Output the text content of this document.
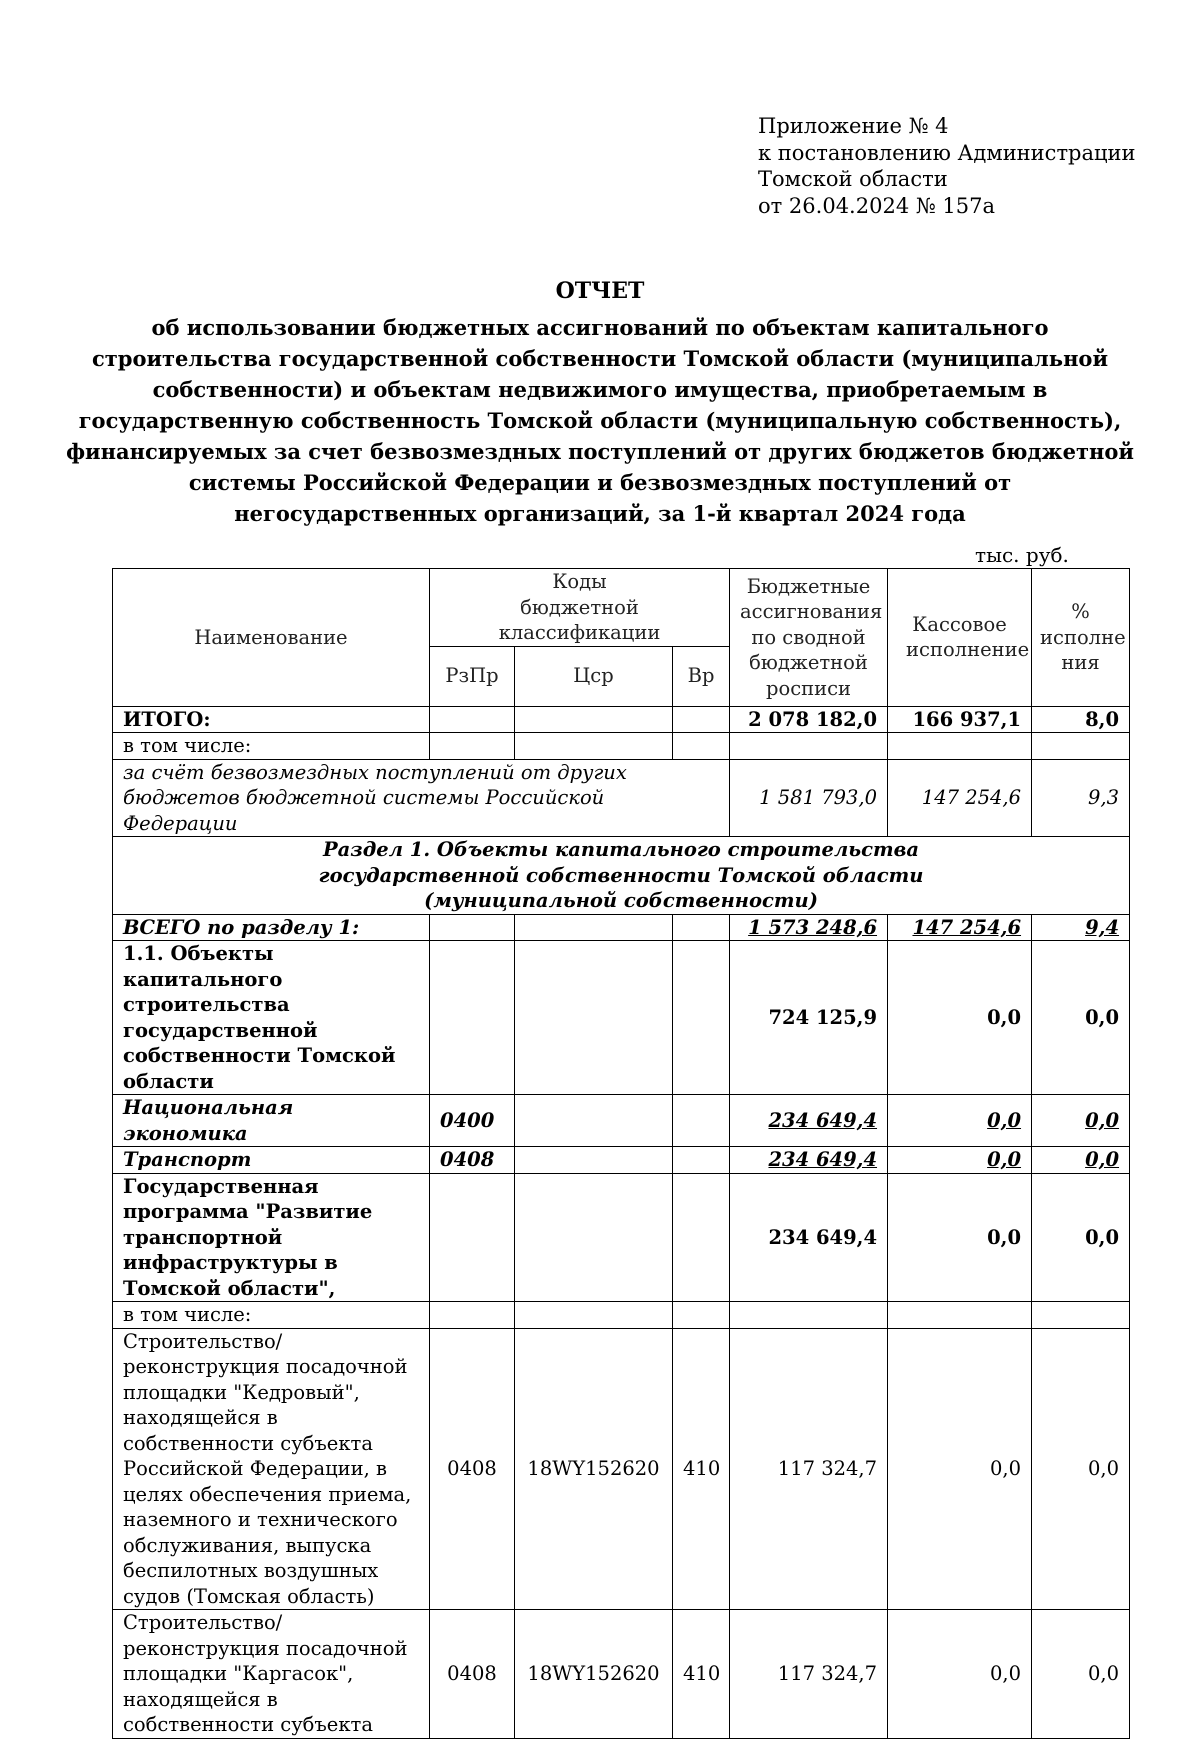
Приложение № 4
к постановлению Администрации
Томской области
от 26.04.2024 № 157а
ОТЧЕТ
об использовании бюджетных ассигнований по объектам капитального
строительства государственной собственности Томской области (муниципальной
собственности) и объектам недвижимого имущества, приобретаемым в
государственную собственность Томской области (муниципальную собственность),
финансируемых за счет безвозмездных поступлений от других бюджетов бюджетной
системы Российской Федерации и безвозмездных поступлений от
негосударственных организаций, за 1-й квартал 2024 года
тыс. руб.
Наименование	Коды бюджетной классификации			Бюджетные ассигнования по сводной бюджетной росписи	Кассовое исполнение	% исполне ния
	РзПр	Цср	Вр			
ИТОГО:				2 078 182,0	166 937,1	8,0
в том числе:						
за счёт безвозмездных поступлений от других бюджетов бюджетной системы Российской Федерации				1 581 793,0	147 254,6	9,3
Раздел 1. Объекты капитального строительства государственной собственности Томской области (муниципальной собственности)						
ВСЕГО по разделу 1:				1 573 248,6	147 254,6	9,4
1.1. Объекты капитального строительства государственной собственности Томской области				724 125,9	0,0	0,0
Национальная экономика	0400			234 649,4	0,0	0,0
Транспорт	0408			234 649,4	0,0	0,0
Государственная программа "Развитие транспортной инфраструктуры в Томской области",				234 649,4	0,0	0,0
в том числе:						
Строительство/реконструкция посадочной площадки "Кедровый", находящейся в собственности субъекта Российской Федерации, в целях обеспечения приема, наземного и технического обслуживания, выпуска беспилотных воздушных судов (Томская область)	0408	18WY152620	410	117 324,7	0,0	0,0
Строительство/реконструкция посадочной площадки "Каргасок", находящейся в собственности субъекта	0408	18WY152620	410	117 324,7	0,0	0,0
